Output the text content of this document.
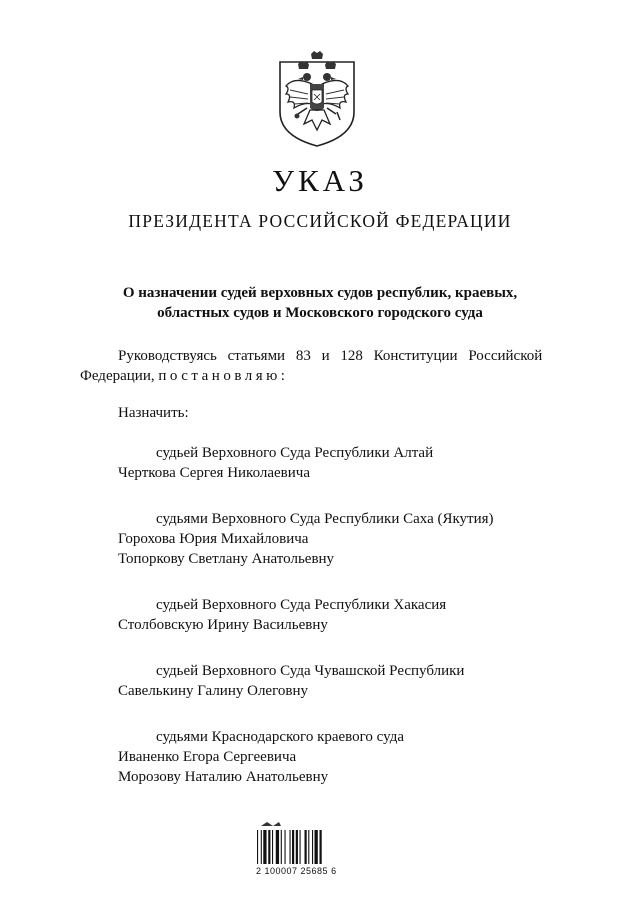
УКАЗ
ПРЕЗИДЕНТА РОССИЙСКОЙ ФЕДЕРАЦИИ
О назначении судей верховных судов республик, краевых,
областных судов и Московского городского суда
Руководствуясь статьями 83 и 128 Конституции Российской
Федерации, постановляю:
Назначить:
судьей Верховного Суда Республики Алтай
Черткова Сергея Николаевича
судьями Верховного Суда Республики Саха (Якутия)
Горохова Юрия Михайловича
Топоркову Светлану Анатольевну
судьей Верховного Суда Республики Хакасия
Столбовскую Ирину Васильевну
судьей Верховного Суда Чувашской Республики
Савелькину Галину Олеговну
судьями Краснодарского краевого суда
Иваненко Егора Сергеевича
Морозову Наталию Анатольевну
2 100007 25685 6
